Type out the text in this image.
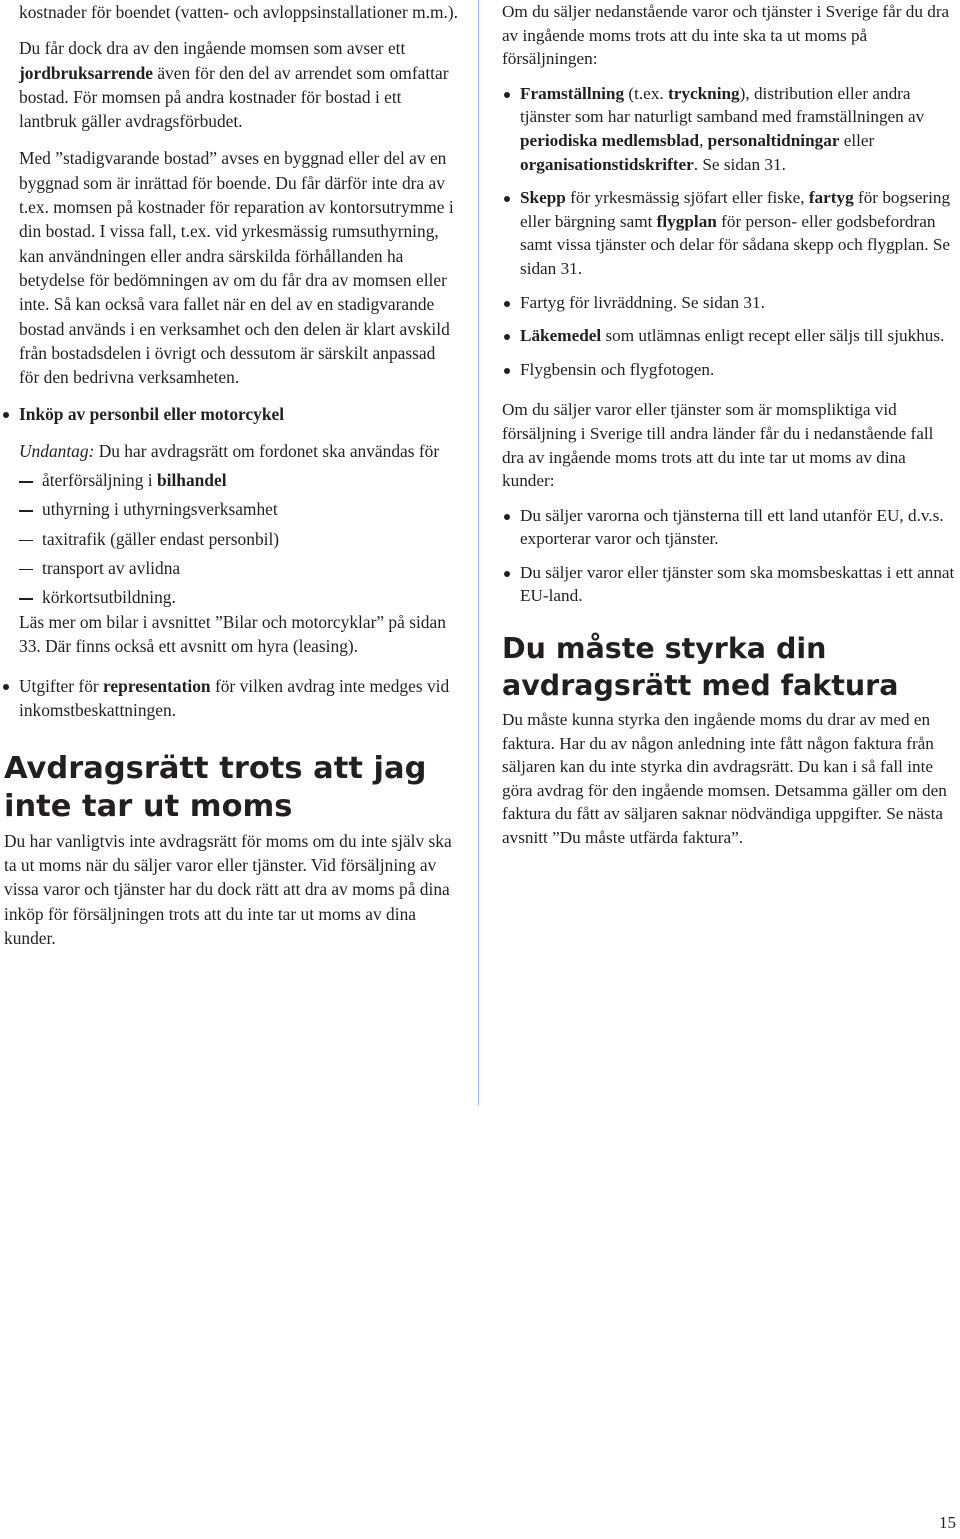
kostnader för boendet (vatten- och avloppsinstallationer m.m.).

Du får dock dra av den ingående momsen som avser ett jordbruksarrende även för den del av arrendet som omfattar bostad. För momsen på andra kostnader för bostad i ett lantbruk gäller avdragsförbudet.

Med ”stadigvarande bostad” avses en byggnad eller del av en byggnad som är inrättad för boende. Du får därför inte dra av t.ex. momsen på kostnader för reparation av kontorsutrymme i din bostad. I vissa fall, t.ex. vid yrkesmässig rumsuthyrning, kan användningen eller andra särskilda förhållanden ha betydelse för bedömningen av om du får dra av momsen eller inte. Så kan också vara fallet när en del av en stadigvarande bostad används i en verksamhet och den delen är klart avskild från bostadsdelen i övrigt och dessutom är särskilt anpassad för den bedrivna verksamheten.

Inköp av personbil eller motorcykel
Undantag: Du har avdragsrätt om fordonet ska användas för
återförsäljning i bilhandel
uthyrning i uthyrningsverksamhet
taxitrafik (gäller endast personbil)
transport av avlidna
körkortsutbildning.
Läs mer om bilar i avsnittet ”Bilar och motorcyklar” på sidan 33. Där finns också ett avsnitt om hyra (leasing).
Utgifter för representation för vilken avdrag inte medges vid inkomstbeskattningen.
Avdragsrätt trots att jag inte tar ut moms

Du har vanligtvis inte avdragsrätt för moms om du inte själv ska ta ut moms när du säljer varor eller tjänster. Vid försäljning av vissa varor och tjänster har du dock rätt att dra av moms på dina inköp för försäljningen trots att du inte tar ut moms av dina kunder.

Om du säljer nedanstående varor och tjänster i Sverige får du dra av ingående moms trots att du inte ska ta ut moms på försäljningen:

Framställning (t.ex. tryckning), distribution eller andra tjänster som har naturligt samband med framställningen av periodiska medlemsblad, personaltidningar eller organisationstidskrifter. Se sidan 31.
Skepp för yrkesmässig sjöfart eller fiske, fartyg för bogsering eller bärgning samt flygplan för person- eller godsbefordran samt vissa tjänster och delar för sådana skepp och flygplan. Se sidan 31.
Fartyg för livräddning. Se sidan 31.
Läkemedel som utlämnas enligt recept eller säljs till sjukhus.
Flygbensin och flygfotogen.

Om du säljer varor eller tjänster som är momspliktiga vid försäljning i Sverige till andra länder får du i nedanstående fall dra av ingående moms trots att du inte tar ut moms av dina kunder:

Du säljer varorna och tjänsterna till ett land utanför EU, d.v.s. exporterar varor och tjänster.
Du säljer varor eller tjänster som ska momsbeskattas i ett annat EU-land.
Du måste styrka din avdragsrätt med faktura

Du måste kunna styrka den ingående moms du drar av med en faktura. Har du av någon anledning inte fått någon faktura från säljaren kan du inte styrka din avdragsrätt. Du kan i så fall inte göra avdrag för den ingående momsen. Detsamma gäller om den faktura du fått av säljaren saknar nödvändiga uppgifter. Se nästa avsnitt ”Du måste utfärda faktura”.

15
